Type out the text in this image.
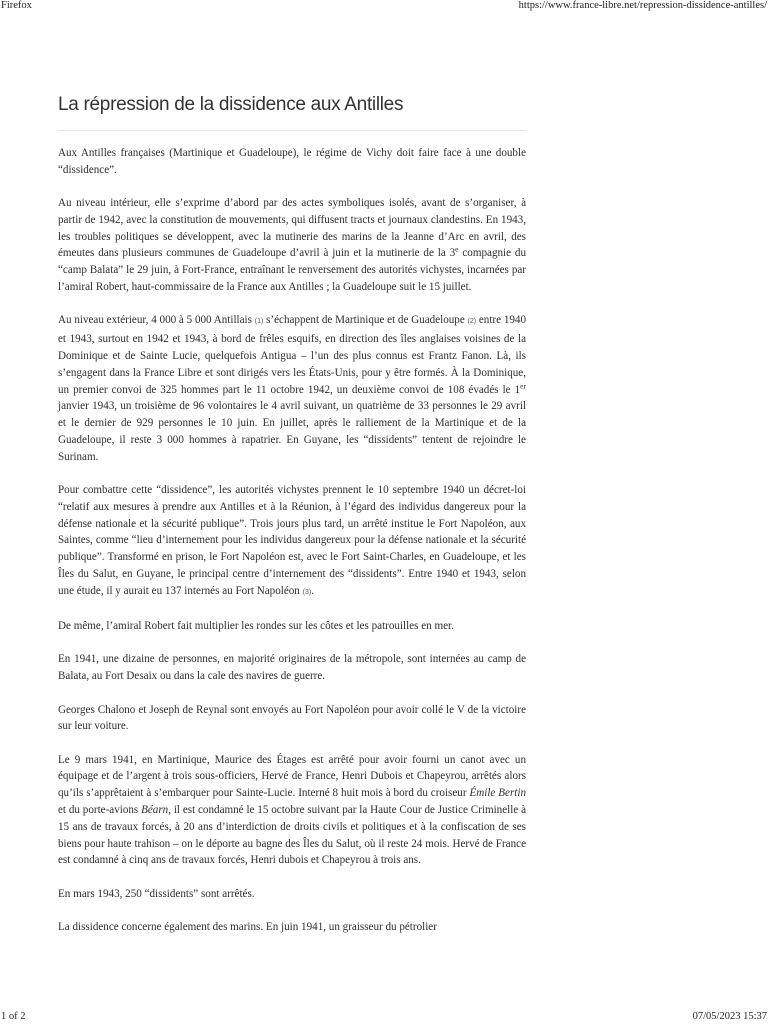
Firefox	https://www.france-libre.net/repression-dissidence-antilles/
La répression de la dissidence aux Antilles

Aux Antilles françaises (Martinique et Guadeloupe), le régime de Vichy doit faire face à une double “dissidence”.

Au niveau intérieur, elle s’exprime d’abord par des actes symboliques isolés, avant de s’organiser, à partir de 1942, avec la constitution de mouvements, qui diffusent tracts et journaux clandestins. En 1943, les troubles politiques se développent, avec la mutinerie des marins de la Jeanne d’Arc en avril, des émeutes dans plusieurs communes de Guadeloupe d’avril à juin et la mutinerie de la 3e compagnie du “camp Balata” le 29 juin, à Fort-France, entraînant le renversement des autorités vichystes, incarnées par l’amiral Robert, haut-commissaire de la France aux Antilles ; la Guadeloupe suit le 15 juillet.

Au niveau extérieur, 4 000 à 5 000 Antillais (1) s’échappent de Martinique et de Guadeloupe (2) entre 1940 et 1943, surtout en 1942 et 1943, à bord de frêles esquifs, en direction des îles anglaises voisines de la Dominique et de Sainte Lucie, quelquefois Antigua – l’un des plus connus est Frantz Fanon. Là, ils s’engagent dans la France Libre et sont dirigés vers les États-Unis, pour y être formés. À la Dominique, un premier convoi de 325 hommes part le 11 octobre 1942, un deuxième convoi de 108 évadés le 1er janvier 1943, un troisième de 96 volontaires le 4 avril suivant, un quatrième de 33 personnes le 29 avril et le dernier de 929 personnes le 10 juin. En juillet, après le ralliement de la Martinique et de la Guadeloupe, il reste 3 000 hommes à rapatrier. En Guyane, les “dissidents” tentent de rejoindre le Surinam.

Pour combattre cette “dissidence”, les autorités vichystes prennent le 10 septembre 1940 un décret-loi “relatif aux mesures à prendre aux Antilles et à la Réunion, à l’égard des individus dangereux pour la défense nationale et la sécurité publique”. Trois jours plus tard, un arrêté institue le Fort Napoléon, aux Saintes, comme “lieu d’internement pour les individus dangereux pour la défense nationale et la sécurité publique”. Transformé en prison, le Fort Napoléon est, avec le Fort Saint-Charles, en Guadeloupe, et les Îles du Salut, en Guyane, le principal centre d’internement des “dissidents”. Entre 1940 et 1943, selon une étude, il y aurait eu 137 internés au Fort Napoléon (3).

De même, l’amiral Robert fait multiplier les rondes sur les côtes et les patrouilles en mer.

En 1941, une dizaine de personnes, en majorité originaires de la métropole, sont internées au camp de Balata, au Fort Desaix ou dans la cale des navires de guerre.

Georges Chalono et Joseph de Reynal sont envoyés au Fort Napoléon pour avoir collé le V de la victoire sur leur voiture.

Le 9 mars 1941, en Martinique, Maurice des Étages est arrêté pour avoir fourni un canot avec un équipage et de l’argent à trois sous-officiers, Hervé de France, Henri Dubois et Chapeyrou, arrêtés alors qu’ils s’apprêtaient à s’embarquer pour Sainte-Lucie. Interné 8 huit mois à bord du croiseur Émile Bertin et du porte-avions Béarn, il est condamné le 15 octobre suivant par la Haute Cour de Justice Criminelle à 15 ans de travaux forcés, à 20 ans d’interdiction de droits civils et politiques et à la confiscation de ses biens pour haute trahison – on le déporte au bagne des Îles du Salut, où il reste 24 mois. Hervé de France est condamné à cinq ans de travaux forcés, Henri dubois et Chapeyrou à trois ans.

En mars 1943, 250 “dissidents” sont arrêtés.

La dissidence concerne également des marins. En juin 1941, un graisseur du pétrolier

1 of 2	07/05/2023 15:37
